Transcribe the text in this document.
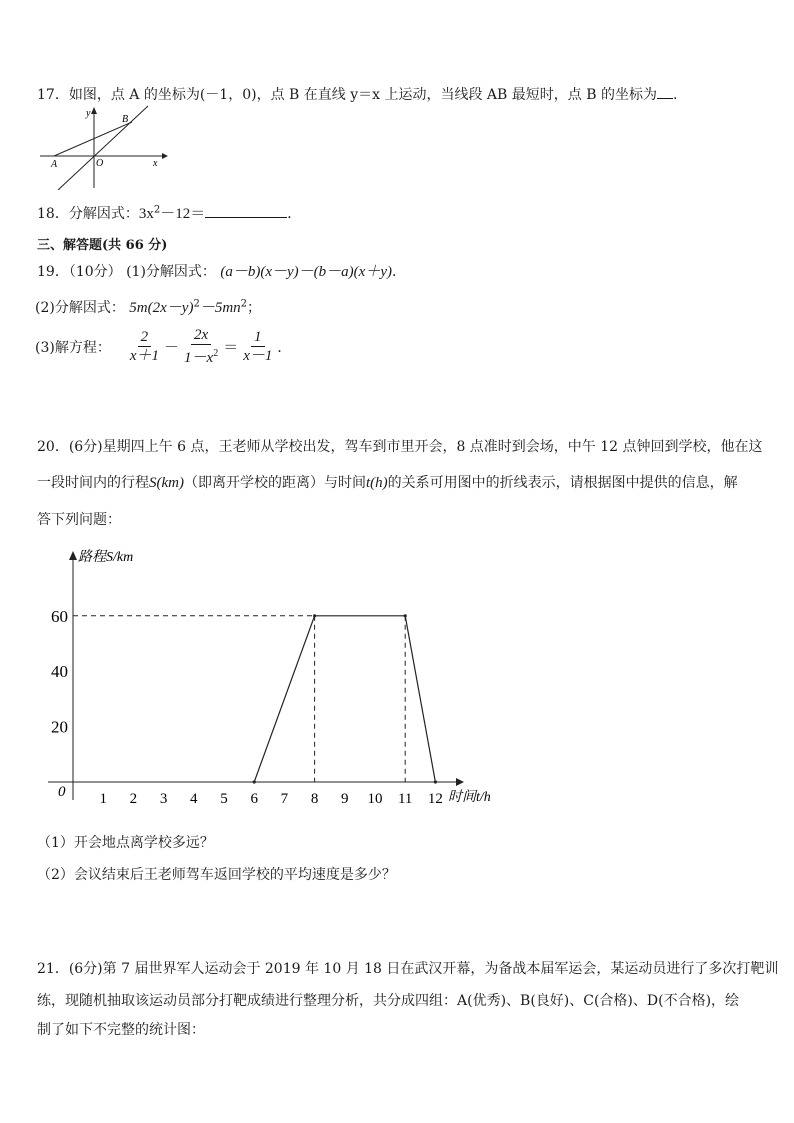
17．如图，点 A 的坐标为(－1，0)，点 B 在直线 y＝x 上运动，当线段 AB 最短时，点 B 的坐标为 .
y
x
A	O
B
18．分解因式：$3x^2-12=$	．
三、解答题(共 66 分)
19．（10分） (1)分解因式： (a－b)(x－y)－(b－a)(x＋y)．
(2)分解因式： $5m(2x-y)^2-5mn^2$；
(3)解方程： $\frac{2}{x+1} - \frac{2x}{1-x^2} = \frac{1}{x-1}$ ．
20．(6分)星期四上午 6 点，王老师从学校出发，驾车到市里开会，8 点准时到会场，中午 12 点钟回到学校，他在这
一段时间内的行程S(km)（即离开学校的距离）与时间t(h)的关系可用图中的折线表示，请根据图中提供的信息，解
答下列问题：
路程S/km
时间t/h
0 1 2 3 4 5 6 7 8 9 10 11 12
20
40
60
（1）开会地点离学校多远？
（2）会议结束后王老师驾车返回学校的平均速度是多少？
21．(6分)第 7 届世界军人运动会于 2019 年 10 月 18 日在武汉开幕，为备战本届军运会，某运动员进行了多次打靶训
练，现随机抽取该运动员部分打靶成绩进行整理分析，共分成四组：A(优秀)、B(良好)、C(合格)、D(不合格)，绘
制了如下不完整的统计图：
